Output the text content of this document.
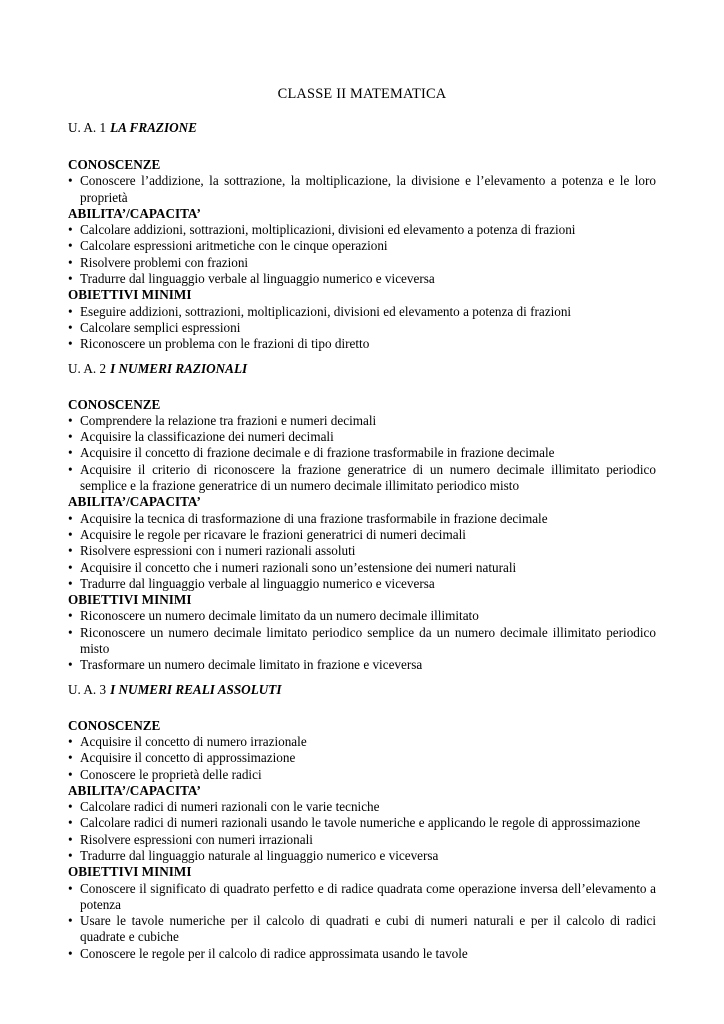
CLASSE II MATEMATICA
U. A. 1 LA FRAZIONE
CONOSCENZE
• Conoscere l’addizione, la sottrazione, la moltiplicazione, la divisione e l’elevamento a potenza e le loro proprietà
ABILITA’/CAPACITA’
• Calcolare addizioni, sottrazioni, moltiplicazioni, divisioni ed elevamento a potenza di frazioni
• Calcolare espressioni aritmetiche con le cinque operazioni
• Risolvere problemi con frazioni
• Tradurre dal linguaggio verbale al linguaggio numerico e viceversa
OBIETTIVI MINIMI
• Eseguire addizioni, sottrazioni, moltiplicazioni, divisioni ed elevamento a potenza di frazioni
• Calcolare semplici espressioni
• Riconoscere un problema con le frazioni di tipo diretto
U. A. 2 I NUMERI RAZIONALI
CONOSCENZE
• Comprendere la relazione tra frazioni e numeri decimali
• Acquisire la classificazione dei numeri decimali
• Acquisire il concetto di frazione decimale e di frazione trasformabile in frazione decimale
• Acquisire il criterio di riconoscere la frazione generatrice di un numero decimale illimitato periodico semplice e la frazione generatrice di un numero decimale illimitato periodico misto
ABILITA’/CAPACITA’
• Acquisire la tecnica di trasformazione di una frazione trasformabile in frazione decimale
• Acquisire le regole per ricavare le frazioni generatrici di numeri decimali
• Risolvere espressioni con i numeri razionali assoluti
• Acquisire il concetto che i numeri razionali sono un’estensione dei numeri naturali
• Tradurre dal linguaggio verbale al linguaggio numerico e viceversa
OBIETTIVI MINIMI
• Riconoscere un numero decimale limitato da un numero decimale illimitato
• Riconoscere un numero decimale limitato periodico semplice da un numero decimale illimitato periodico misto
• Trasformare un numero decimale limitato in frazione e viceversa
U. A. 3 I NUMERI REALI ASSOLUTI
CONOSCENZE
• Acquisire il concetto di numero irrazionale
• Acquisire il concetto di approssimazione
• Conoscere le proprietà delle radici
ABILITA’/CAPACITA’
• Calcolare radici di numeri razionali con le varie tecniche
• Calcolare radici di numeri razionali usando le tavole numeriche e applicando le regole di approssimazione
• Risolvere espressioni con numeri irrazionali
• Tradurre dal linguaggio naturale al linguaggio numerico e viceversa
OBIETTIVI MINIMI
• Conoscere il significato di quadrato perfetto e di radice quadrata come operazione inversa dell’elevamento a potenza
• Usare le tavole numeriche per il calcolo di quadrati e cubi di numeri naturali e per il calcolo di radici quadrate e cubiche
• Conoscere le regole per il calcolo di radice approssimata usando le tavole
